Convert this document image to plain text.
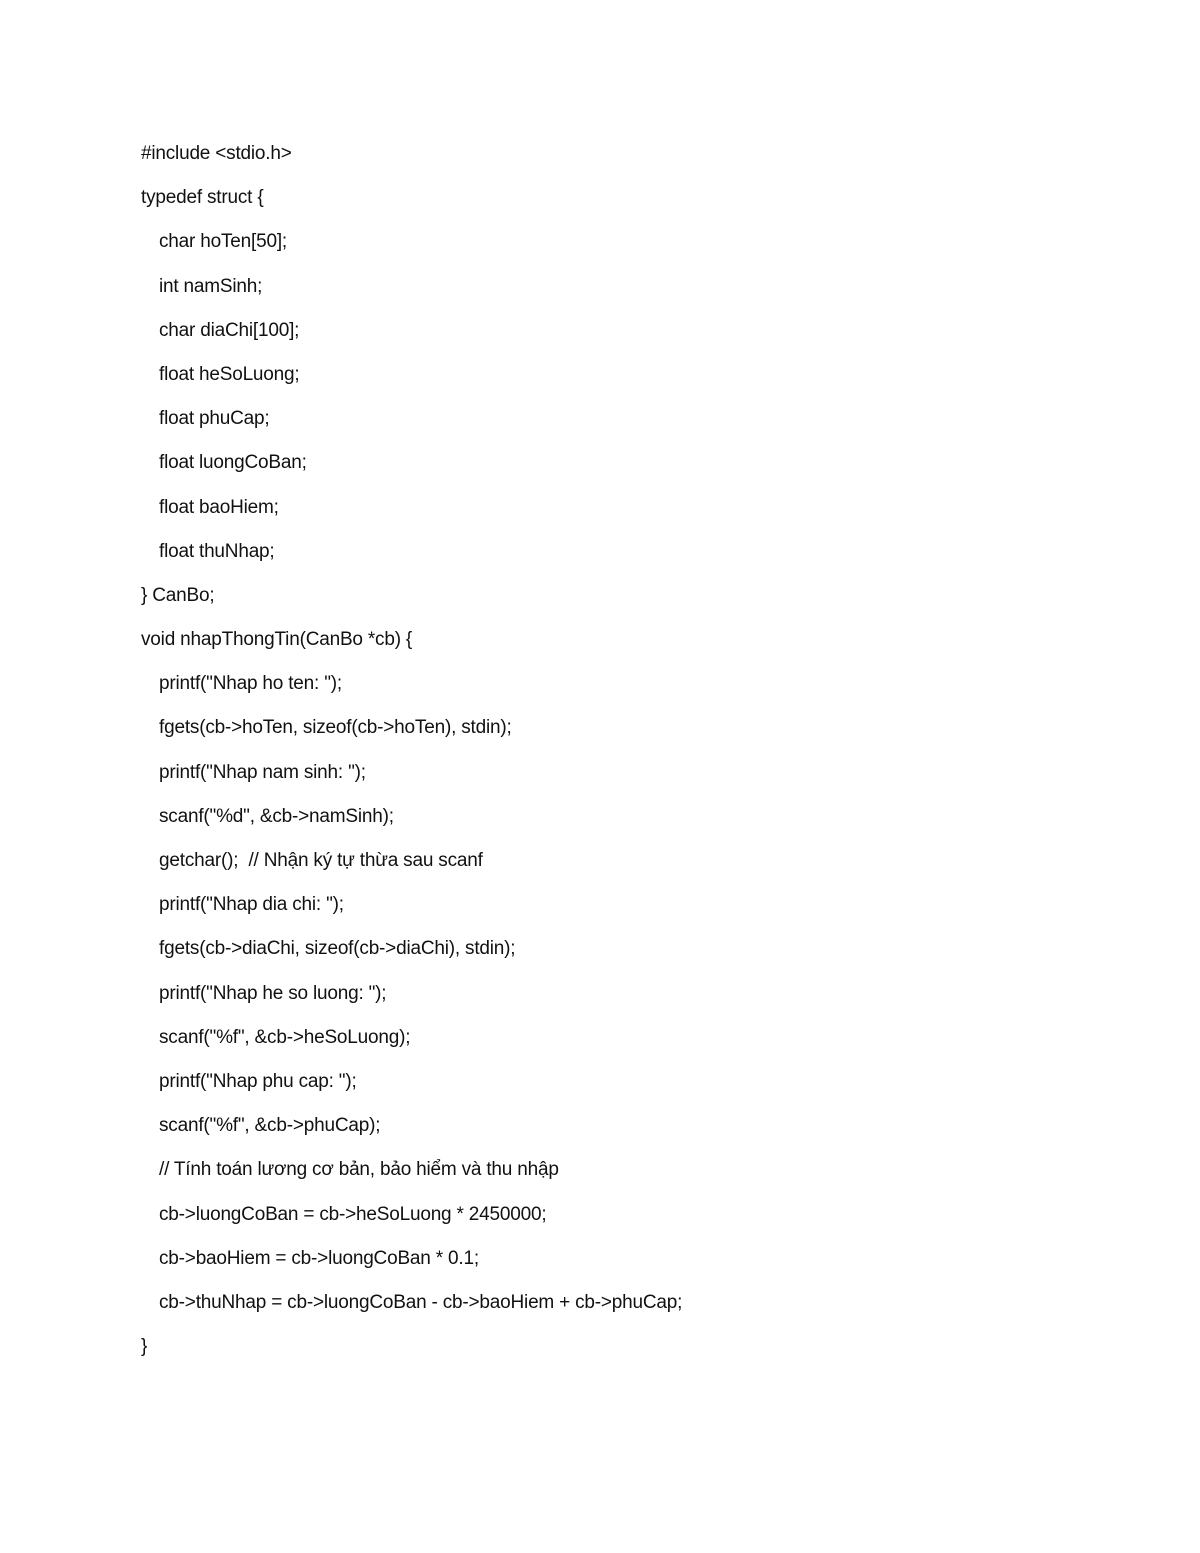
#include <stdio.h>
typedef struct {
char hoTen[50];
int namSinh;
char diaChi[100];
float heSoLuong;
float phuCap;
float luongCoBan;
float baoHiem;
float thuNhap;
} CanBo;
void nhapThongTin(CanBo *cb) {
printf("Nhap ho ten: ");
fgets(cb->hoTen, sizeof(cb->hoTen), stdin);
printf("Nhap nam sinh: ");
scanf("%d", &cb->namSinh);
getchar();  // Nhận ký tự thừa sau scanf
printf("Nhap dia chi: ");
fgets(cb->diaChi, sizeof(cb->diaChi), stdin);
printf("Nhap he so luong: ");
scanf("%f", &cb->heSoLuong);
printf("Nhap phu cap: ");
scanf("%f", &cb->phuCap);
// Tính toán lương cơ bản, bảo hiểm và thu nhập
cb->luongCoBan = cb->heSoLuong * 2450000;
cb->baoHiem = cb->luongCoBan * 0.1;
cb->thuNhap = cb->luongCoBan - cb->baoHiem + cb->phuCap;
}
